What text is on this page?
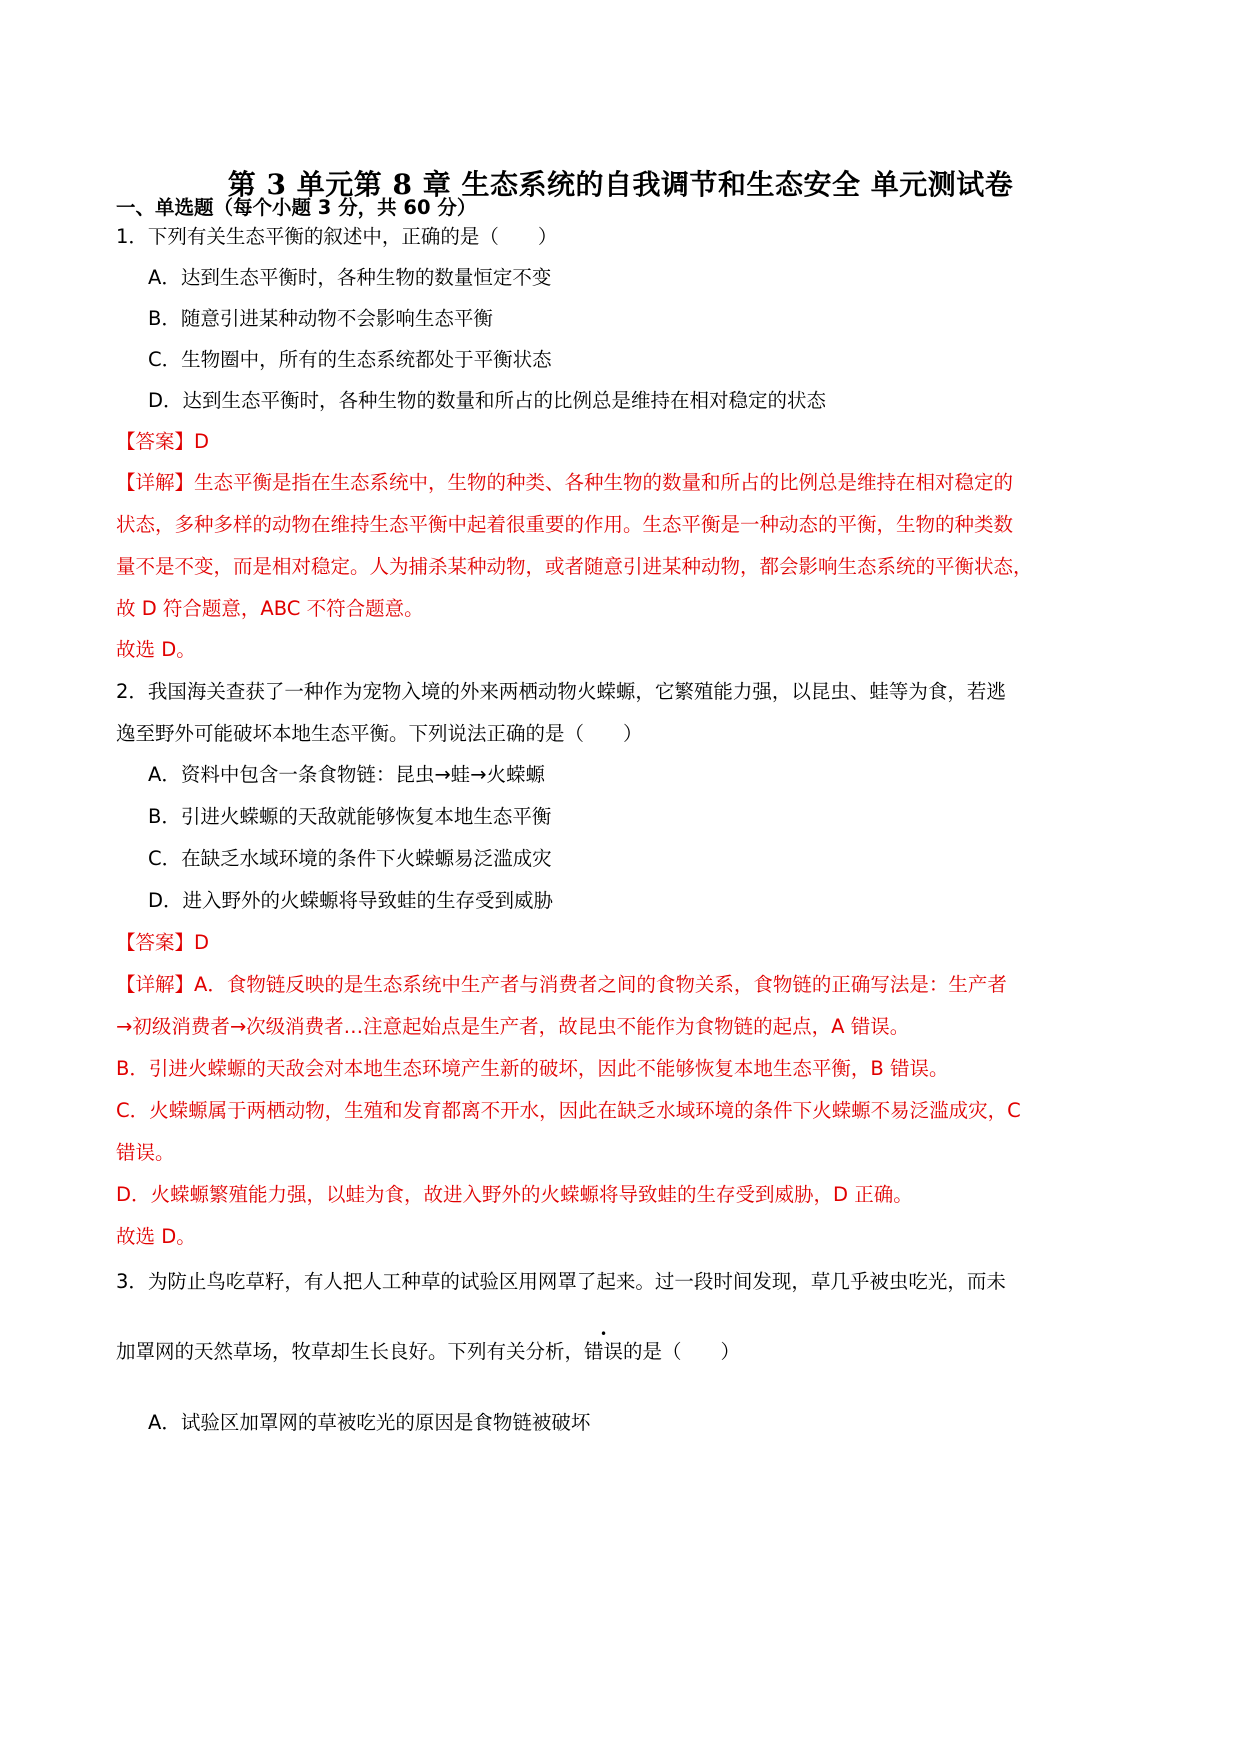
第 3 单元第 8 章 生态系统的自我调节和生态安全 单元测试卷
一、单选题（每个小题 3 分，共 60 分）
1．下列有关生态平衡的叙述中，正确的是（　　）
A．达到生态平衡时，各种生物的数量恒定不变
B．随意引进某种动物不会影响生态平衡
C．生物圈中，所有的生态系统都处于平衡状态
D．达到生态平衡时，各种生物的数量和所占的比例总是维持在相对稳定的状态
【答案】D
【详解】生态平衡是指在生态系统中，生物的种类、各种生物的数量和所占的比例总是维持在相对稳定的
状态，多种多样的动物在维持生态平衡中起着很重要的作用。生态平衡是一种动态的平衡，生物的种类数
量不是不变，而是相对稳定。人为捕杀某种动物，或者随意引进某种动物，都会影响生态系统的平衡状态，
故 D 符合题意，ABC 不符合题意。
故选 D。
2．我国海关查获了一种作为宠物入境的外来两栖动物火蝾螈，它繁殖能力强，以昆虫、蛙等为食，若逃
逸至野外可能破坏本地生态平衡。下列说法正确的是（　　）
A．资料中包含一条食物链：昆虫→蛙→火蝾螈
B．引进火蝾螈的天敌就能够恢复本地生态平衡
C．在缺乏水域环境的条件下火蝾螈易泛滥成灾
D．进入野外的火蝾螈将导致蛙的生存受到威胁
【答案】D
【详解】A．食物链反映的是生态系统中生产者与消费者之间的食物关系，食物链的正确写法是：生产者
→初级消费者→次级消费者…注意起始点是生产者，故昆虫不能作为食物链的起点，A 错误。
B．引进火蝾螈的天敌会对本地生态环境产生新的破坏，因此不能够恢复本地生态平衡，B 错误。
C．火蝾螈属于两栖动物，生殖和发育都离不开水，因此在缺乏水域环境的条件下火蝾螈不易泛滥成灾，C
错误。
D．火蝾螈繁殖能力强，以蛙为食，故进入野外的火蝾螈将导致蛙的生存受到威胁，D 正确。
故选 D。
3．为防止鸟吃草籽，有人把人工种草的试验区用网罩了起来。过一段时间发现，草几乎被虫吃光，而未
加罩网的天然草场，牧草却生长良好。下列有关分析，错误的是（　　）
A．试验区加罩网的草被吃光的原因是食物链被破坏
